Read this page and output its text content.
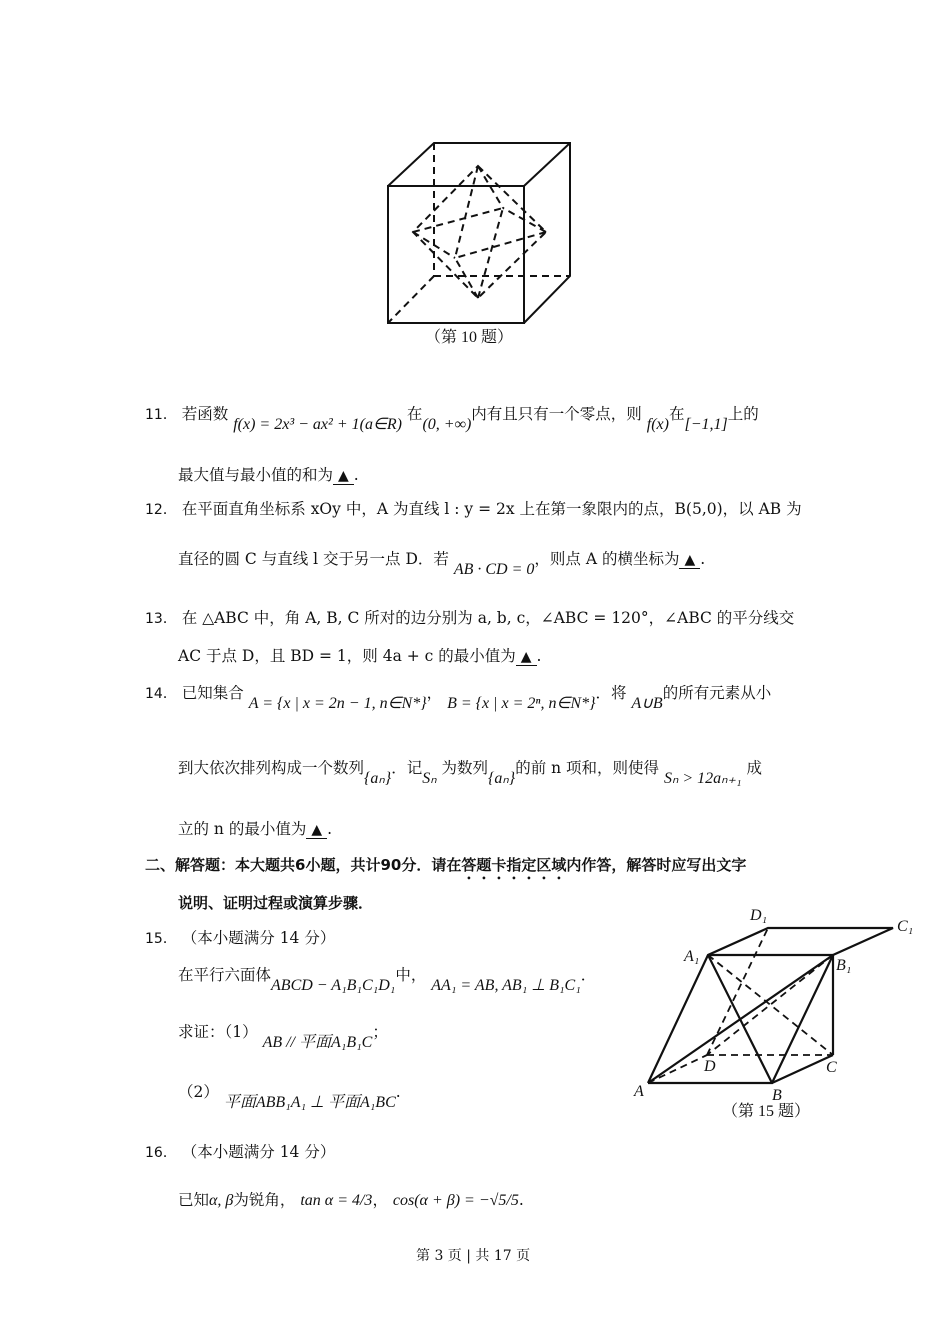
（第 10 题）
11． 若函数 f(x) = 2x³ − ax² + 1(a∈R) 在(0, +∞)内有且只有一个零点，则 f(x)在[−1,1]上的
最大值与最小值的和为 ▲ .
12． 在平面直角坐标系 xOy 中，A 为直线 l : y = 2x 上在第一象限内的点，B(5,0)，以 AB 为
直径的圆 C 与直线 l 交于另一点 D．若 AB · CD = 0，则点 A 的横坐标为 ▲ .
13． 在 △ABC 中，角 A, B, C 所对的边分别为 a, b, c，∠ABC = 120°，∠ABC 的平分线交
AC 于点 D，且 BD = 1，则 4a + c 的最小值为 ▲ .
14． 已知集合 A = {x | x = 2n − 1, n∈N*}， B = {x | x = 2ⁿ, n∈N*}．将 A∪B的所有元素从小
到大依次排列构成一个数列{aₙ}．记Sₙ 为数列{aₙ}的前 n 项和，则使得 Sₙ > 12aₙ₊₁ 成
立的 n 的最小值为 ▲ .
二、解答题：本大题共6小题，共计90分．请在答题卡指定区域内作答，解答时应写出文字
说明、证明过程或演算步骤．
15． （本小题满分 14 分）
在平行六面体ABCD − A₁B₁C₁D₁中， AA₁ = AB, AB₁ ⊥ B₁C₁．
求证：（1） AB // 平面A₁B₁C；
（2） 平面ABB₁A₁ ⊥ 平面A₁BC.	A	B
C
D
A₁
B₁
C₁
D₁
（第 15 题）
16． （本小题满分 14 分）
已知α, β为锐角， tan α = 4/3， cos(α + β) = −√5/5.
第 3 页 | 共 17 页
